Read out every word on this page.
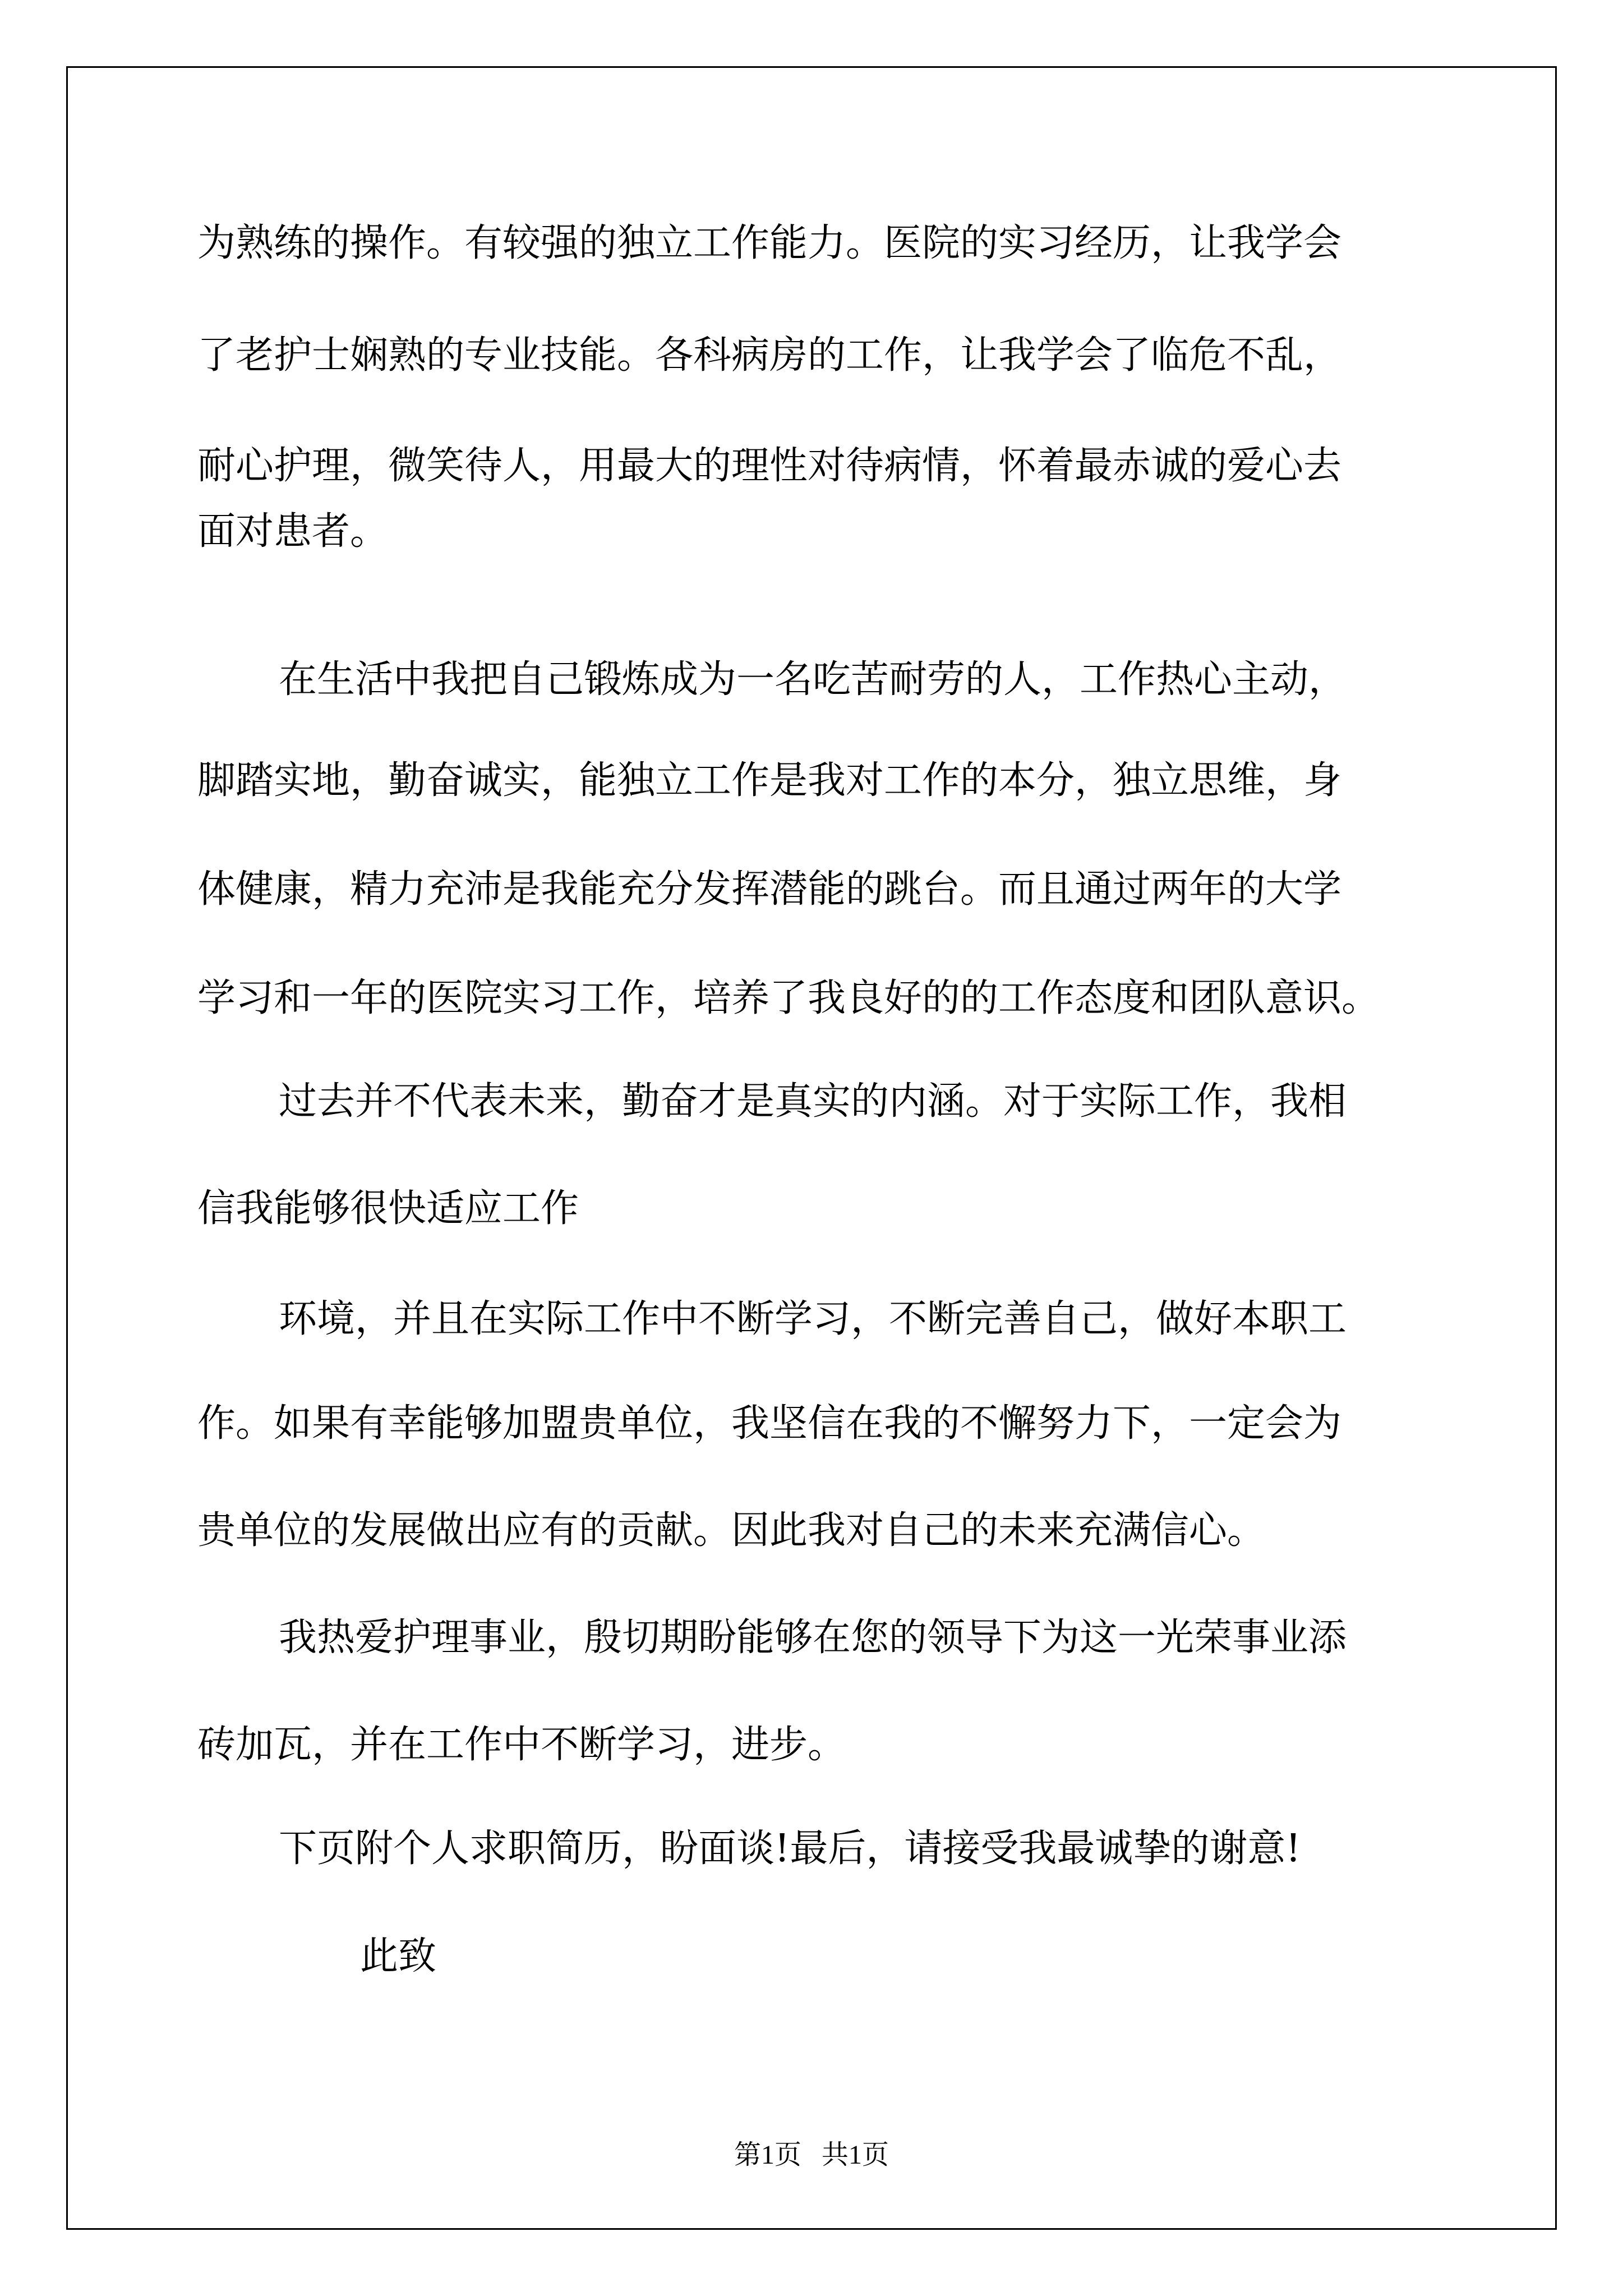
为熟练的操作。有较强的独立工作能力。医院的实习经历，让我学会
了老护士娴熟的专业技能。各科病房的工作，让我学会了临危不乱，
耐心护理，微笑待人，用最大的理性对待病情，怀着最赤诚的爱心去
面对患者。
在生活中我把自己锻炼成为一名吃苦耐劳的人，工作热心主动，
脚踏实地，勤奋诚实，能独立工作是我对工作的本分，独立思维，身
体健康，精力充沛是我能充分发挥潜能的跳台。而且通过两年的大学
学习和一年的医院实习工作，培养了我良好的的工作态度和团队意识。
过去并不代表未来，勤奋才是真实的内涵。对于实际工作，我相
信我能够很快适应工作
环境，并且在实际工作中不断学习，不断完善自己，做好本职工
作。如果有幸能够加盟贵单位，我坚信在我的不懈努力下，一定会为
贵单位的发展做出应有的贡献。因此我对自己的未来充满信心。
我热爱护理事业，殷切期盼能够在您的领导下为这一光荣事业添
砖加瓦，并在工作中不断学习，进步。
下页附个人求职简历，盼面谈!最后，请接受我最诚挚的谢意!
此致
第1页   共1页
